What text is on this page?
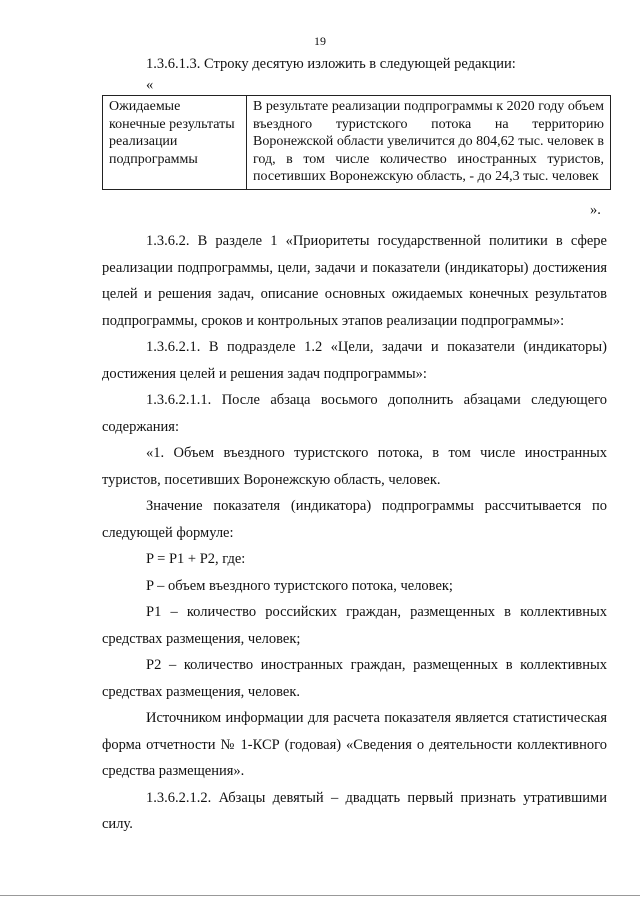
19
1.3.6.1.3. Строку десятую изложить в следующей редакции:
«
Ожидаемые конечные результаты реализации подпрограммы	В результате реализации подпрограммы к 2020 году объем въездного туристского потока на территорию Воронежской области увеличится до 804,62 тыс. человек в год, в том числе количество иностранных туристов, посетивших Воронежскую область, - до 24,3 тыс. человек
».

1.3.6.2. В разделе 1 «Приоритеты государственной политики в сфере реализации подпрограммы, цели, задачи и показатели (индикаторы) достижения целей и решения задач, описание основных ожидаемых конечных результатов подпрограммы, сроков и контрольных этапов реализации подпрограммы»:

1.3.6.2.1. В подразделе 1.2 «Цели, задачи и показатели (индикаторы) достижения целей и решения задач подпрограммы»:

1.3.6.2.1.1. После абзаца восьмого дополнить абзацами следующего содержания:

«1. Объем въездного туристского потока, в том числе иностранных туристов, посетивших Воронежскую область, человек.

Значение показателя (индикатора) подпрограммы рассчитывается по следующей формуле:

P = P1 + P2, где:

P – объем въездного туристского потока, человек;

P1 – количество российских граждан, размещенных в коллективных средствах размещения, человек;

P2 – количество иностранных граждан, размещенных в коллективных средствах размещения, человек.

Источником информации для расчета показателя является статистическая форма отчетности № 1-КСР (годовая) «Сведения о деятельности коллективного средства размещения».

1.3.6.2.1.2. Абзацы девятый – двадцать первый признать утратившими силу.
